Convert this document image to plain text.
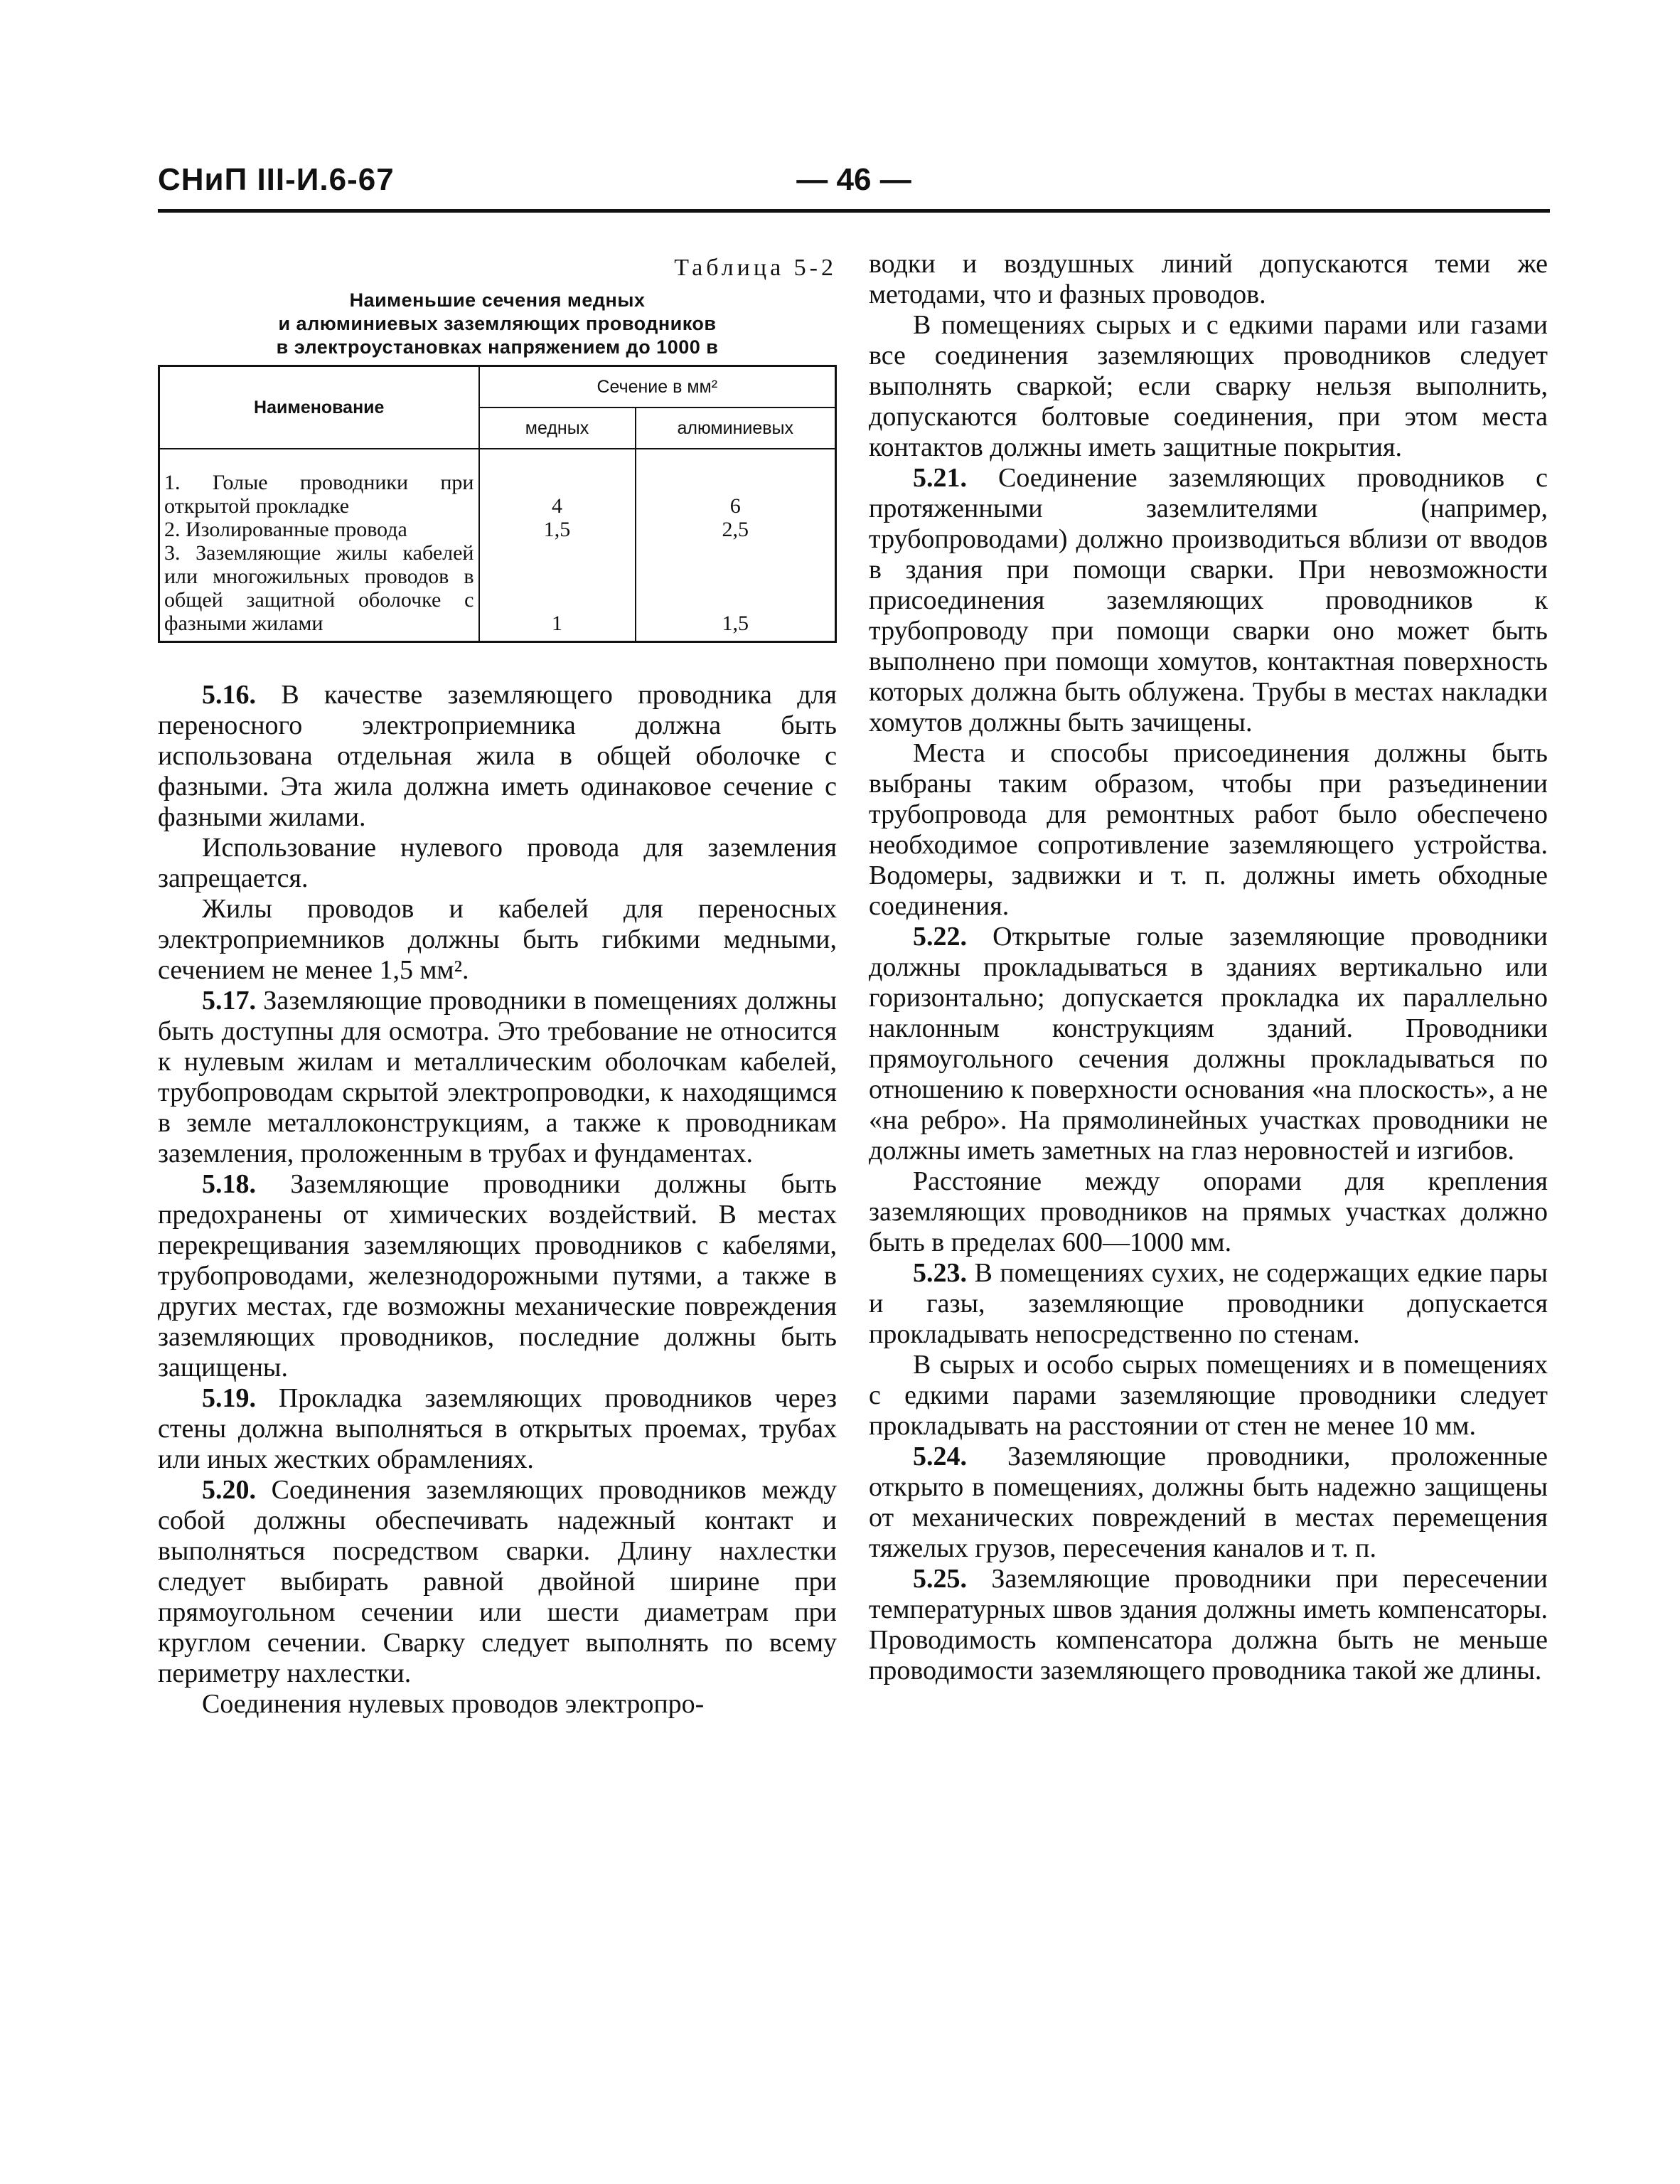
СНиП III-И.6-67	— 46 —
Таблица 5-2
Наименьшие сечения медных
и алюминиевых заземляющих проводников
в электроустановках напряжением до 1000 в
Наименование	Сечение в мм²	
	медных	алюминиевых

1. Голые проводники при открытой прокладке	4	6
2. Изолированные провода	1,5	2,5
3. Заземляющие жилы кабелей или многожильных проводов в общей защитной оболочке с фазными жилами	1	1,5

5.16. В качестве заземляющего проводника для переносного электроприемника должна быть использована отдельная жила в общей оболочке с фазными. Эта жила должна иметь одинаковое сечение с фазными жилами.

Использование нулевого провода для заземления запрещается.

Жилы проводов и кабелей для переносных электроприемников должны быть гибкими медными, сечением не менее 1,5 мм².

5.17. Заземляющие проводники в помещениях должны быть доступны для осмотра. Это требование не относится к нулевым жилам и металлическим оболочкам кабелей, трубопроводам скрытой электропроводки, к находящимся в земле металлоконструкциям, а также к проводникам заземления, проложенным в трубах и фундаментах.

5.18. Заземляющие проводники должны быть предохранены от химических воздействий. В местах перекрещивания заземляющих проводников с кабелями, трубопроводами, железнодорожными путями, а также в других местах, где возможны механические повреждения заземляющих проводников, последние должны быть защищены.

5.19. Прокладка заземляющих проводников через стены должна выполняться в открытых проемах, трубах или иных жестких обрамлениях.

5.20. Соединения заземляющих проводников между собой должны обеспечивать надежный контакт и выполняться посредством сварки. Длину нахлестки следует выбирать равной двойной ширине при прямоугольном сечении или шести диаметрам при круглом сечении. Сварку следует выполнять по всему периметру нахлестки.

Соединения нулевых проводов электропро-

водки и воздушных линий допускаются теми же методами, что и фазных проводов.

В помещениях сырых и с едкими парами или газами все соединения заземляющих проводников следует выполнять сваркой; если сварку нельзя выполнить, допускаются болтовые соединения, при этом места контактов должны иметь защитные покрытия.

5.21. Соединение заземляющих проводников с протяженными заземлителями (например, трубопроводами) должно производиться вблизи от вводов в здания при помощи сварки. При невозможности присоединения заземляющих проводников к трубопроводу при помощи сварки оно может быть выполнено при помощи хомутов, контактная поверхность которых должна быть облужена. Трубы в местах накладки хомутов должны быть зачищены.

Места и способы присоединения должны быть выбраны таким образом, чтобы при разъединении трубопровода для ремонтных работ было обеспечено необходимое сопротивление заземляющего устройства. Водомеры, задвижки и т. п. должны иметь обходные соединения.

5.22. Открытые голые заземляющие проводники должны прокладываться в зданиях вертикально или горизонтально; допускается прокладка их параллельно наклонным конструкциям зданий. Проводники прямоугольного сечения должны прокладываться по отношению к поверхности основания «на плоскость», а не «на ребро». На прямолинейных участках проводники не должны иметь заметных на глаз неровностей и изгибов.

Расстояние между опорами для крепления заземляющих проводников на прямых участках должно быть в пределах 600—1000 мм.

5.23. В помещениях сухих, не содержащих едкие пары и газы, заземляющие проводники допускается прокладывать непосредственно по стенам.

В сырых и особо сырых помещениях и в помещениях с едкими парами заземляющие проводники следует прокладывать на расстоянии от стен не менее 10 мм.

5.24. Заземляющие проводники, проложенные открыто в помещениях, должны быть надежно защищены от механических повреждений в местах перемещения тяжелых грузов, пересечения каналов и т. п.

5.25. Заземляющие проводники при пересечении температурных швов здания должны иметь компенсаторы. Проводимость компенсатора должна быть не меньше проводимости заземляющего проводника такой же длины.
